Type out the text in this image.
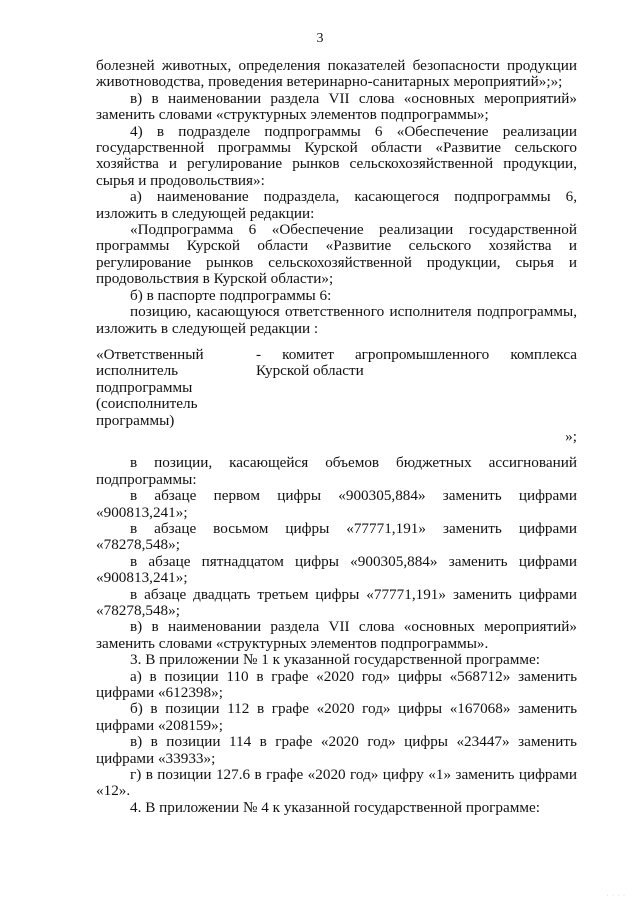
3

болезней животных, определения показателей безопасности продукции животноводства, проведения ветеринарно-санитарных мероприятий»;»;

в) в наименовании раздела VII слова «основных мероприятий» заменить словами «структурных элементов подпрограммы»;

4) в подразделе подпрограммы 6 «Обеспечение реализации государственной программы Курской области «Развитие сельского хозяйства и регулирование рынков сельскохозяйственной продукции, сырья и продовольствия»:

а) наименование подраздела, касающегося подпрограммы 6, изложить в следующей редакции:

«Подпрограмма 6 «Обеспечение реализации государственной программы Курской области «Развитие сельского хозяйства и регулирование рынков сельскохозяйственной продукции, сырья и продовольствия в Курской области»;

б) в паспорте подпрограммы 6:

позицию, касающуюся ответственного исполнителя подпрограммы, изложить в следующей редакции :

«Ответственный исполнитель подпрограммы (соисполнитель программы)	- комитет агропромышленного комплекса Курской области
	»;

в позиции, касающейся объемов бюджетных ассигнований подпрограммы:

в абзаце первом цифры «900305,884» заменить цифрами «900813,241»;

в абзаце восьмом цифры «77771,191» заменить цифрами «78278,548»;

в абзаце пятнадцатом цифры «900305,884» заменить цифрами «900813,241»;

в абзаце двадцать третьем цифры «77771,191» заменить цифрами «78278,548»;

в) в наименовании раздела VII слова «основных мероприятий» заменить словами «структурных элементов подпрограммы».

3. В приложении № 1 к указанной государственной программе:

а) в позиции 110 в графе «2020 год» цифры «568712» заменить цифрами «612398»;

б) в позиции 112 в графе «2020 год» цифры «167068» заменить цифрами «208159»;

в) в позиции 114 в графе «2020 год» цифры «23447» заменить цифрами «33933»;

г) в позиции 127.6 в графе «2020 год» цифру «1» заменить цифрами «12».

4. В приложении № 4 к указанной государственной программе:

· · · ·
